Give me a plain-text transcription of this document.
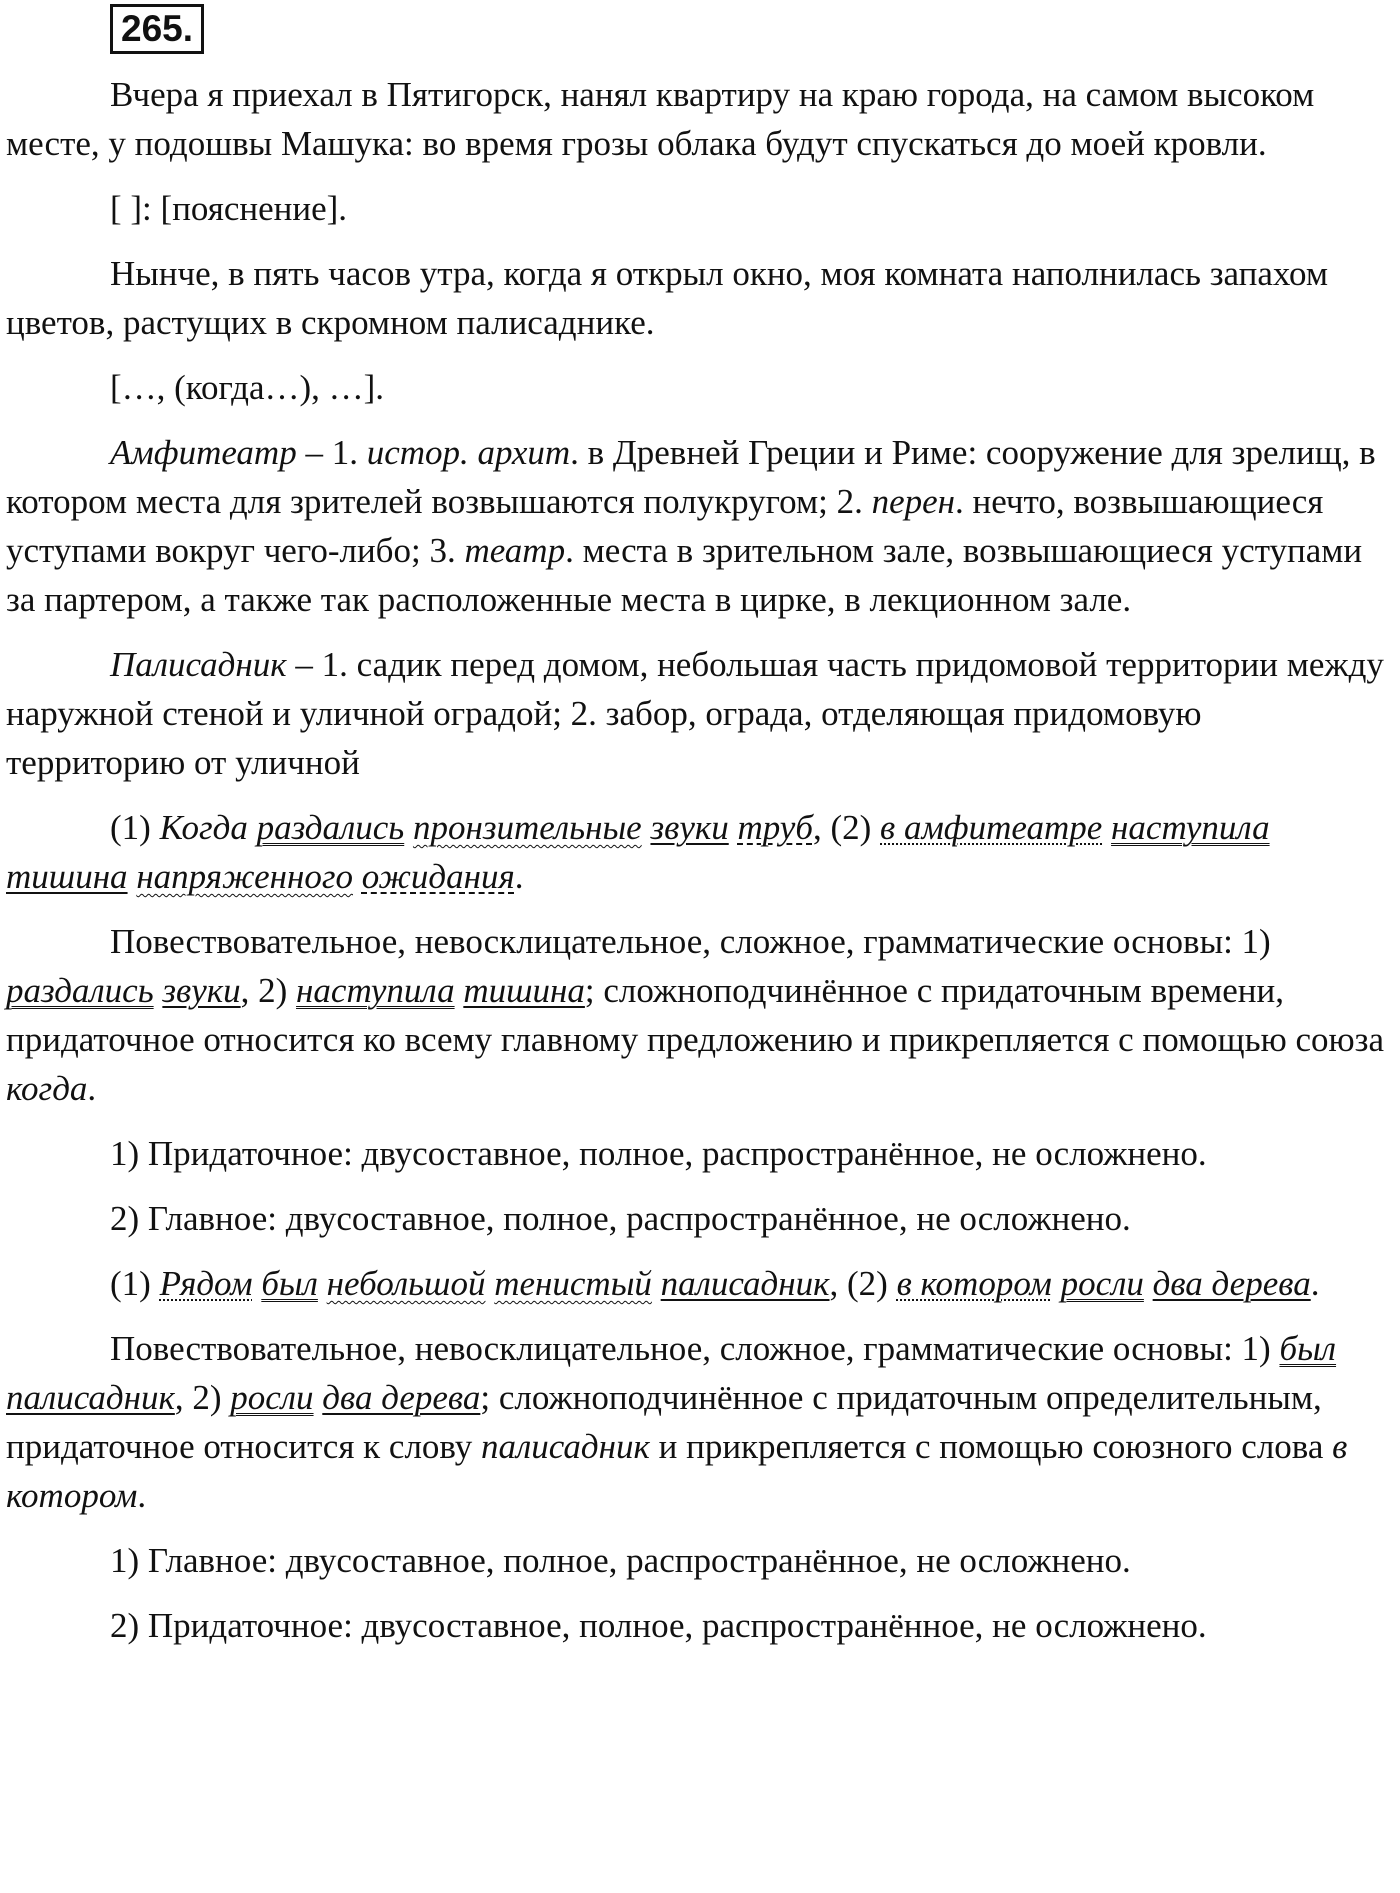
265.

Вчера я приехал в Пятигорск, нанял квартиру на краю города, на самом высоком месте, у подошвы Машука: во время грозы облака будут спускаться до моей кровли.

[ ]: [пояснение].

Нынче, в пять часов утра, когда я открыл окно, моя комната наполнилась запахом цветов, растущих в скромном палисаднике.

[…, (когда…), …].

Амфитеатр – 1. истор. архит. в Древней Греции и Риме: сооружение для зрелищ, в котором места для зрителей возвышаются полукругом; 2. перен. нечто, возвышающиеся уступами вокруг чего-либо; 3. театр. места в зрительном зале, возвышающиеся уступами за партером, а также так расположенные места в цирке, в лекционном зале.

Палисадник – 1. садик перед домом, небольшая часть придомовой территории между наружной стеной и уличной оградой; 2. забор, ограда, отделяющая придомовую территорию от уличной

(1) Когда раздались пронзительные звуки труб, (2) в амфитеатре наступила тишина напряженного ожидания.

Повествовательное, невосклицательное, сложное, грамматические основы: 1) раздались звуки, 2) наступила тишина; сложноподчинённое с придаточным времени, придаточное относится ко всему главному предложению и прикрепляется с помощью союза когда.

1) Придаточное: двусоставное, полное, распространённое, не осложнено.

2) Главное: двусоставное, полное, распространённое, не осложнено.

(1) Рядом был небольшой тенистый палисадник, (2) в котором росли два дерева.

Повествовательное, невосклицательное, сложное, грамматические основы: 1) был палисадник, 2) росли два дерева; сложноподчинённое с придаточным определительным, придаточное относится к слову палисадник и прикрепляется с помощью союзного слова в котором.

1) Главное: двусоставное, полное, распространённое, не осложнено.

2) Придаточное: двусоставное, полное, распространённое, не осложнено.
